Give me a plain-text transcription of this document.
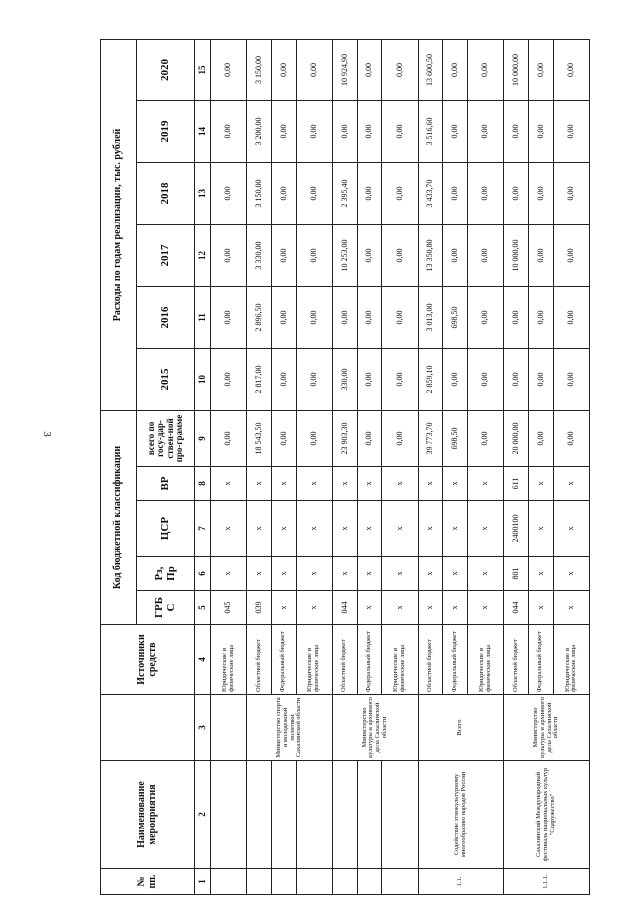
3
№ пп.	Наименование мероприятия		Источники средств	Код бюджетной классификации					Расходы по годам реализации, тыс. рублей					
				ГРБ С	Рз, Пр	ЦСР	ВР	всего по госу-дар-ствен-ной про-грамме	2015	2016	2017	2018	2019	2020
1	2	3	4	5	6	7	8	9	10	11	12	13	14	15
			Юридические и физические лица	045	x	x	x	0,00	0,00	0,00	0,00	0,00	0,00	0,00
		Министерство спорта и молодежной политики Сахалинской области	Областной бюджет	039	x	x	x	18 543,50	2 817,00	2 896,50	3 330,00	3 150,00	3 200,00	3 150,00
			Федеральный бюджет	x	x	x	x	0,00	0,00	0,00	0,00	0,00	0,00	0,00
			Юридические и физические лица	x	x	x	x	0,00	0,00	0,00	0,00	0,00	0,00	0,00
		Министерство культуры и архивного дела Сахалинской области	Областной бюджет	044	x	x	x	23 903,30	330,00	0,00	10 253,00	2 395,40	0,00	10 924,90
			Федеральный бюджет	x	x	x	x	0,00	0,00	0,00	0,00	0,00	0,00	0,00
			Юридические и физические лица	x	x	x	x	0,00	0,00	0,00	0,00	0,00	0,00	0,00
1.1.	Содействие этнокультурному многообразию народов России	Всего	Областной бюджет	x	x	x	x	39 773,70	2 859,10	3 013,00	13 350,80	3 433,70	3 516,60	13 600,50
			Федеральный бюджет	x	x	x	x	698,50	0,00	698,50	0,00	0,00	0,00	0,00
			Юридические и физические лица	x	x	x	x	0,00	0,00	0,00	0,00	0,00	0,00	0,00
1.1.1.	Сахалинский Международный фестиваль национальных культур "Содружество"	Министерство культуры и архивного дела Сахалинской области	Областной бюджет	044	801	2400100	611	20 000,00	0,00	0,00	10 000,00	0,00	0,00	10 000,00
			Федеральный бюджет	x	x	x	x	0,00	0,00	0,00	0,00	0,00	0,00	0,00
			Юридические и физические лица	x	x	x	x	0,00	0,00	0,00	0,00	0,00	0,00	0,00
